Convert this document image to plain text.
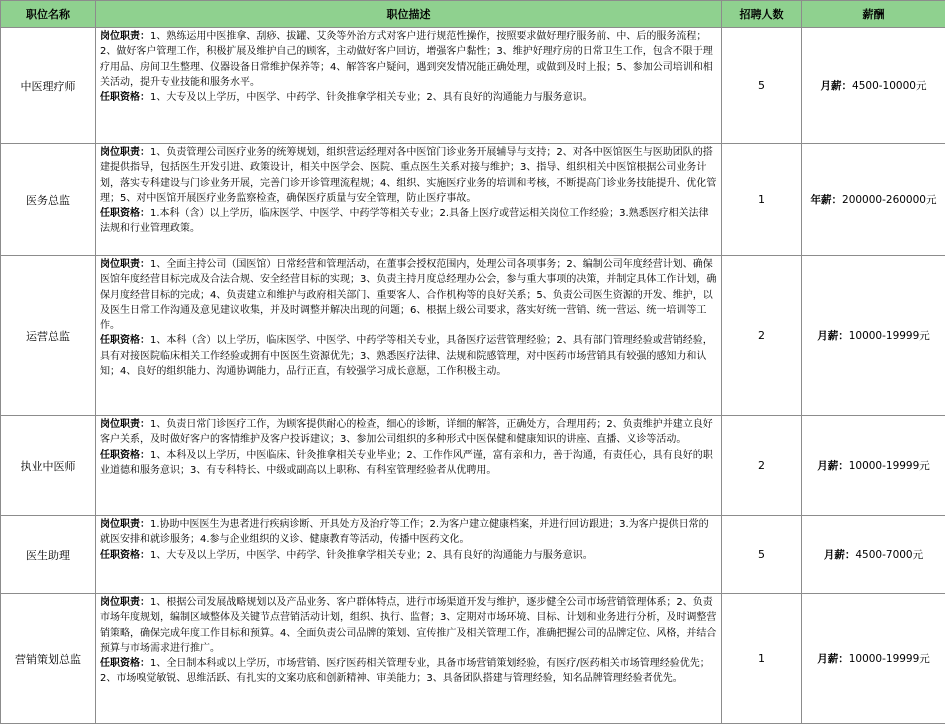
职位名称	职位描述	招聘人数	薪酬
中医理疗师	岗位职责：1、熟练运用中医推拿、刮痧、拔罐、艾灸等外治方式对客户进行规范性操作，按照要求做好理疗服务前、中、后的服务流程；2、做好客户管理工作，积极扩展及维护自己的顾客，主动做好客户回访，增强客户黏性；3、维护好理疗房的日常卫生工作，包含不限于理疗用品、房间卫生整理、仪器设备日常维护保养等；4、解答客户疑问，遇到突发情况能正确处理，或做到及时上报；5、参加公司培训和相关活动，提升专业技能和服务水平。
任职资格：1、大专及以上学历，中医学、中药学、针灸推拿学相关专业；2、具有良好的沟通能力与服务意识。	5	月薪：4500-10000元
医务总监	岗位职责：1、负责管理公司医疗业务的统筹规划，组织营运经理对各中医馆门诊业务开展辅导与支持；2、对各中医馆医生与医助团队的搭建提供指导，包括医生开发引进、政策设计，相关中医学会、医院、重点医生关系对接与维护；3、指导、组织相关中医馆根据公司业务计划，落实专科建设与门诊业务开展，完善门诊开诊管理流程规；4、组织、实施医疗业务的培训和考核，不断提高门诊业务技能提升、优化管理；5、对中医馆开展医疗业务监察检查，确保医疗质量与安全管理，防止医疗事故。
任职资格：1.本科（含）以上学历，临床医学、中医学、中药学等相关专业；2.具备上医疗或营运相关岗位工作经验；3.熟悉医疗相关法律法规和行业管理政策。	1	年薪：200000-260000元
运营总监	岗位职责：1、全面主持公司（国医馆）日常经营和管理活动，在董事会授权范围内，处理公司各项事务；2、编制公司年度经营计划、确保医馆年度经营目标完成及合法合规、安全经营目标的实现；3、负责主持月度总经理办公会，参与重大事项的决策，并制定具体工作计划，确保月度经营目标的完成；4、负责建立和维护与政府相关部门、重要客人、合作机构等的良好关系；5、负责公司医生资源的开发、维护，以及医生日常工作沟通及意见建议收集，并及时调整并解决出现的问题；6、根据上级公司要求，落实好统一营销、统一营运、统一培训等工作。
任职资格：1、本科（含）以上学历，临床医学、中医学、中药学等相关专业，具备医疗运营管理经验；2、具有部门管理经验或营销经验，具有对接医院临床相关工作经验或拥有中医医生资源优先；3、熟悉医疗法律、法规和院感管理，对中医药市场营销具有较强的感知力和认知；4、良好的组织能力、沟通协调能力，品行正直，有较强学习成长意愿，工作积极主动。	2	月薪：10000-19999元
执业中医师	岗位职责：1、负责日常门诊医疗工作，为顾客提供耐心的检查，细心的诊断，详细的解答，正确处方，合理用药；2、负责维护并建立良好客户关系，及时做好客户的客情维护及客户投诉建议；3、参加公司组织的多种形式中医保健和健康知识的讲座、直播、义诊等活动。
任职资格：1、本科及以上学历，中医临床、针灸推拿相关专业毕业；2、工作作风严谨，富有亲和力，善于沟通，有责任心，具有良好的职业道德和服务意识；3、有专科特长、中级或副高以上职称、有科室管理经验者从优聘用。	2	月薪：10000-19999元
医生助理	岗位职责：1.协助中医医生为患者进行疾病诊断、开具处方及治疗等工作；2.为客户建立健康档案，并进行回访跟进；3.为客户提供日常的就医安排和就诊服务；4.参与企业组织的义诊、健康教育等活动，传播中医药文化。
任职资格：1、大专及以上学历，中医学、中药学、针灸推拿学相关专业；2、具有良好的沟通能力与服务意识。	5	月薪：4500-7000元
营销策划总监	岗位职责：1、根据公司发展战略规划以及产品业务、客户群体特点，进行市场渠道开发与维护，逐步健全公司市场营销管理体系；2、负责市场年度规划，编制区域整体及关键节点营销活动计划，组织、执行、监督；3、定期对市场环境、目标、计划和业务进行分析，及时调整营销策略，确保完成年度工作目标和预算。4、全面负责公司品牌的策划、宣传推广及相关管理工作，准确把握公司的品牌定位、风格，并结合预算与市场需求进行推广。
任职资格：1、全日制本科或以上学历，市场营销、医疗医药相关管理专业，具备市场营销策划经验，有医疗/医药相关市场管理经验优先；2、市场嗅觉敏锐、思维活跃、有扎实的文案功底和创新精神、审美能力；3、具备团队搭建与管理经验，知名品牌管理经验者优先。	1	月薪：10000-19999元
